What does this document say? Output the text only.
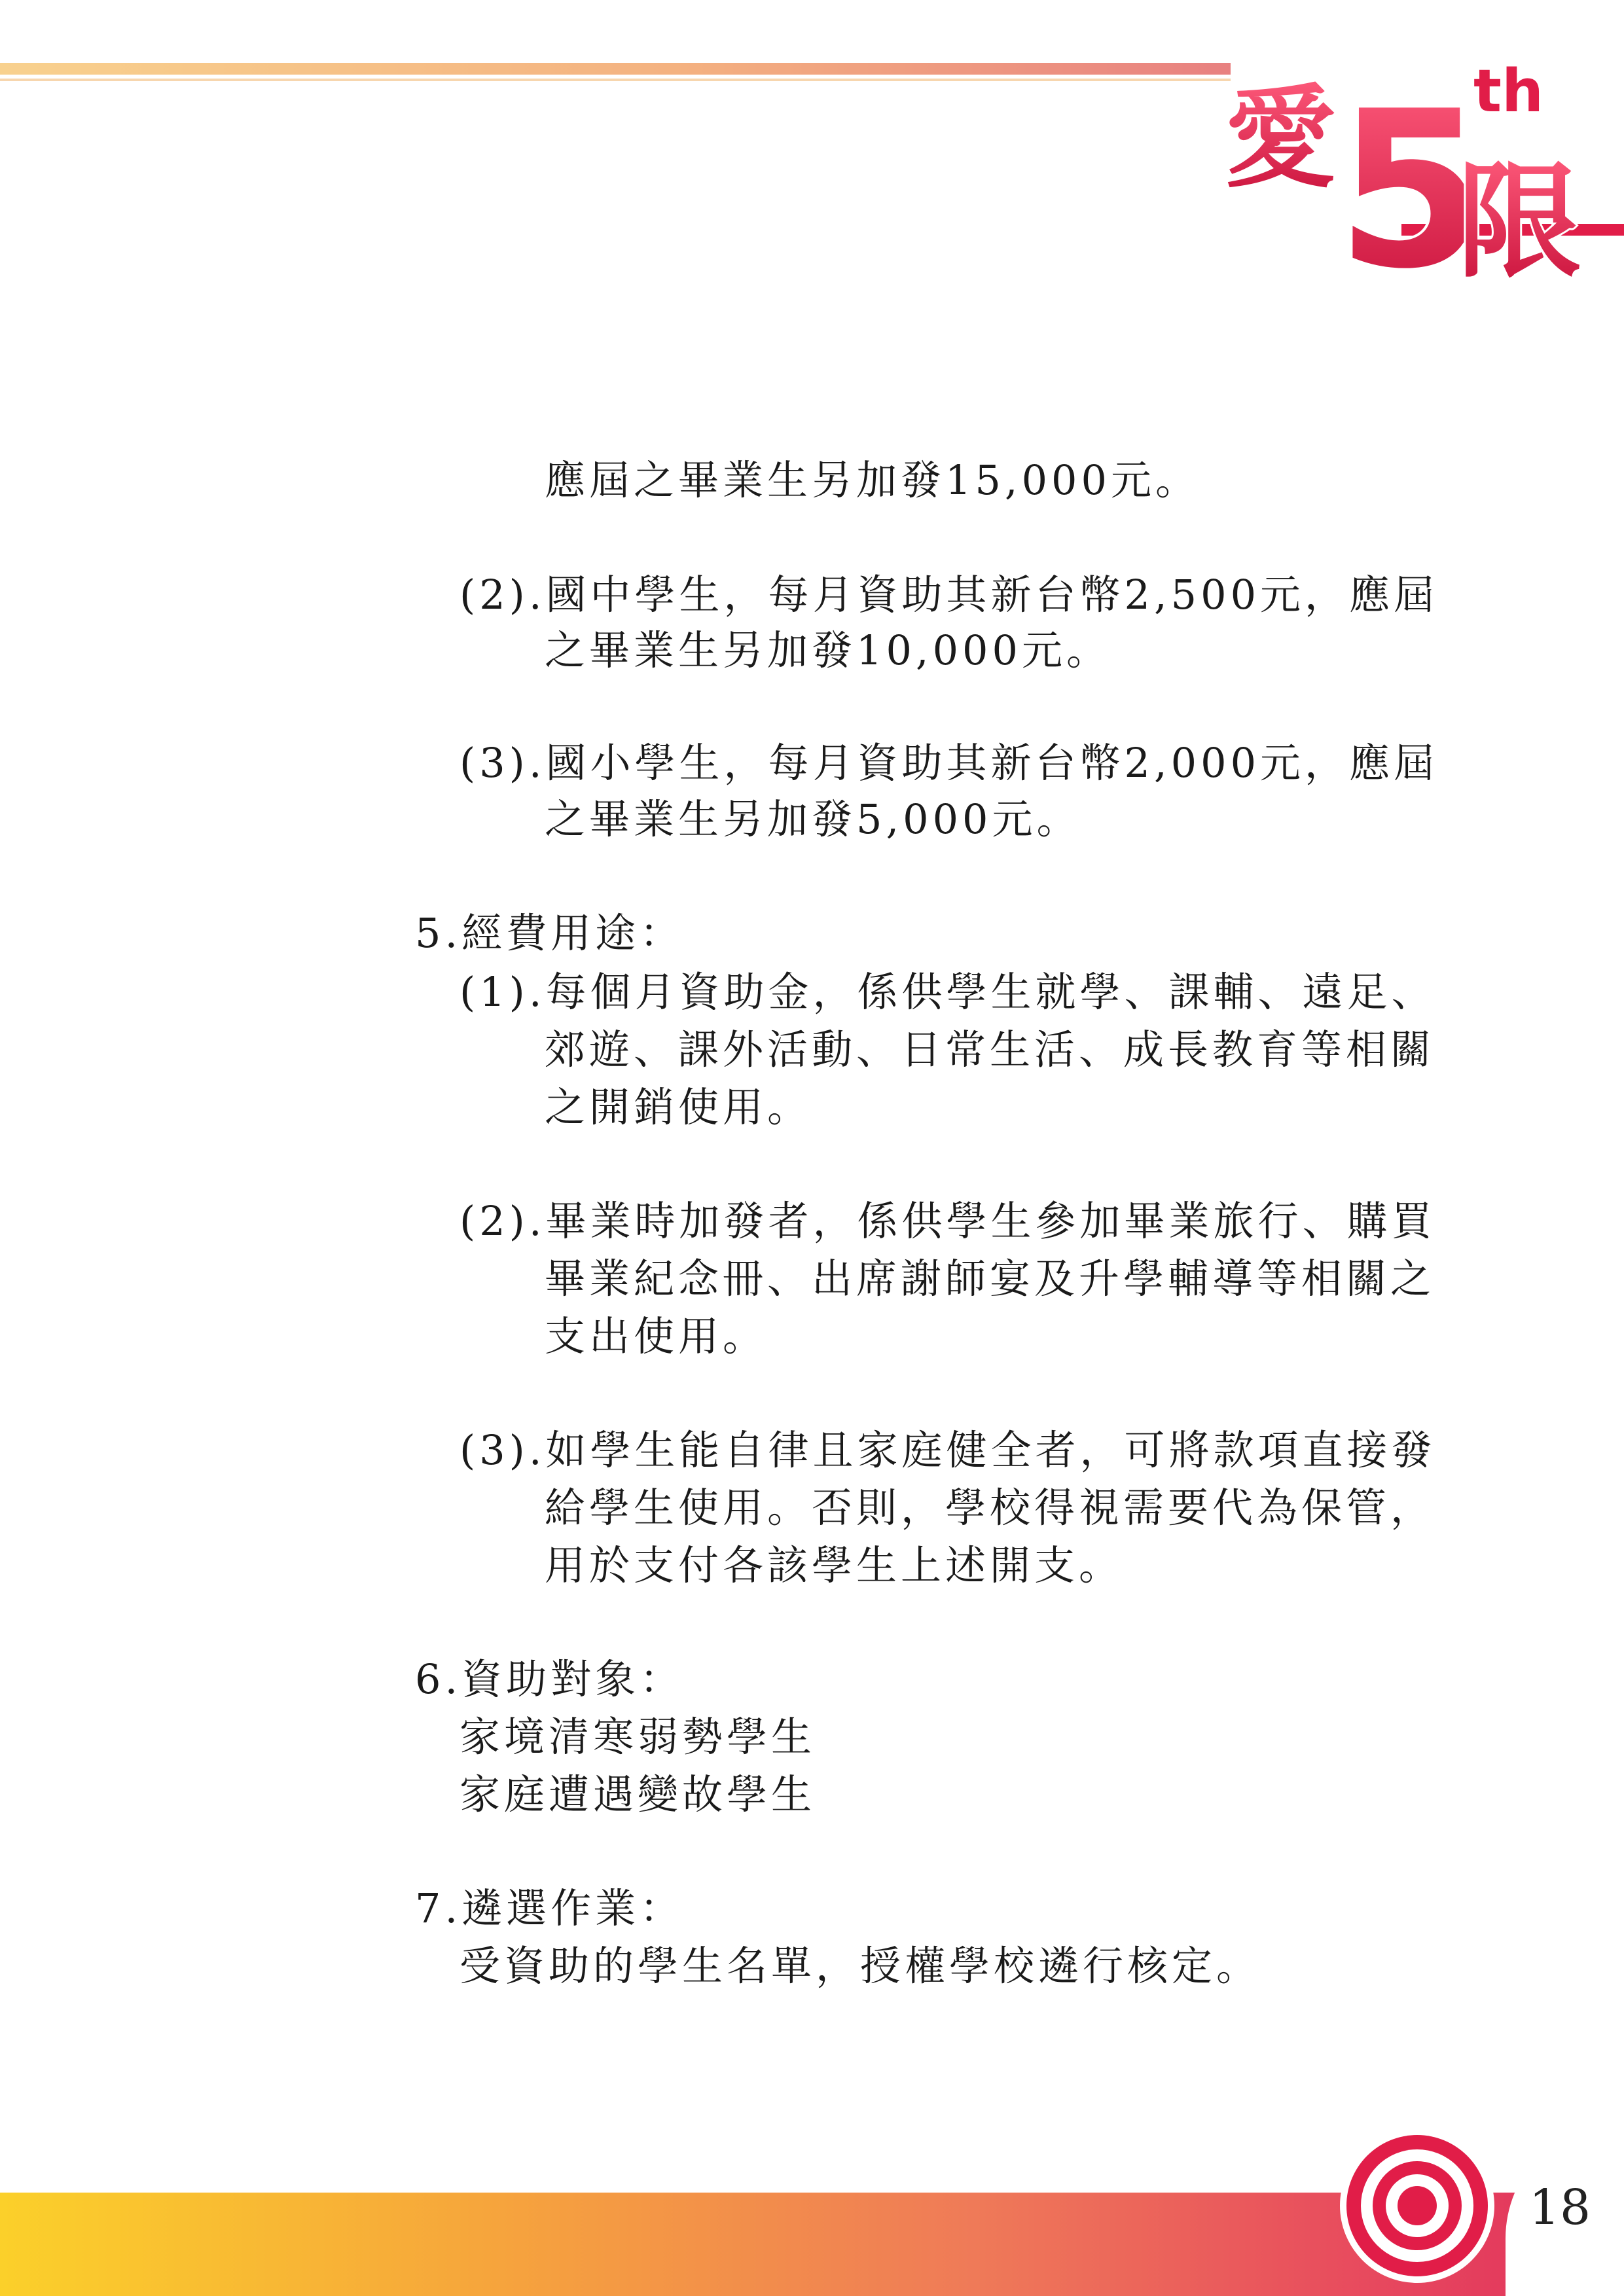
愛 5
th
限
應屆之畢業生另加發15,000元。
(2).國中學生，每月資助其新台幣2,500元，應屆
之畢業生另加發10,000元。
(3).國小學生，每月資助其新台幣2,000元，應屆
之畢業生另加發5,000元。
5.經費用途：
(1).每個月資助金，係供學生就學、課輔、遠足、
郊遊、課外活動、日常生活、成長教育等相關
之開銷使用。
(2).畢業時加發者，係供學生參加畢業旅行、購買
畢業紀念冊、出席謝師宴及升學輔導等相關之
支出使用。
(3).如學生能自律且家庭健全者，可將款項直接發
給學生使用。否則，學校得視需要代為保管，
用於支付各該學生上述開支。
6.資助對象：
家境清寒弱勢學生
家庭遭遇變故學生
7.遴選作業：
受資助的學生名單，授權學校遴行核定。
18
